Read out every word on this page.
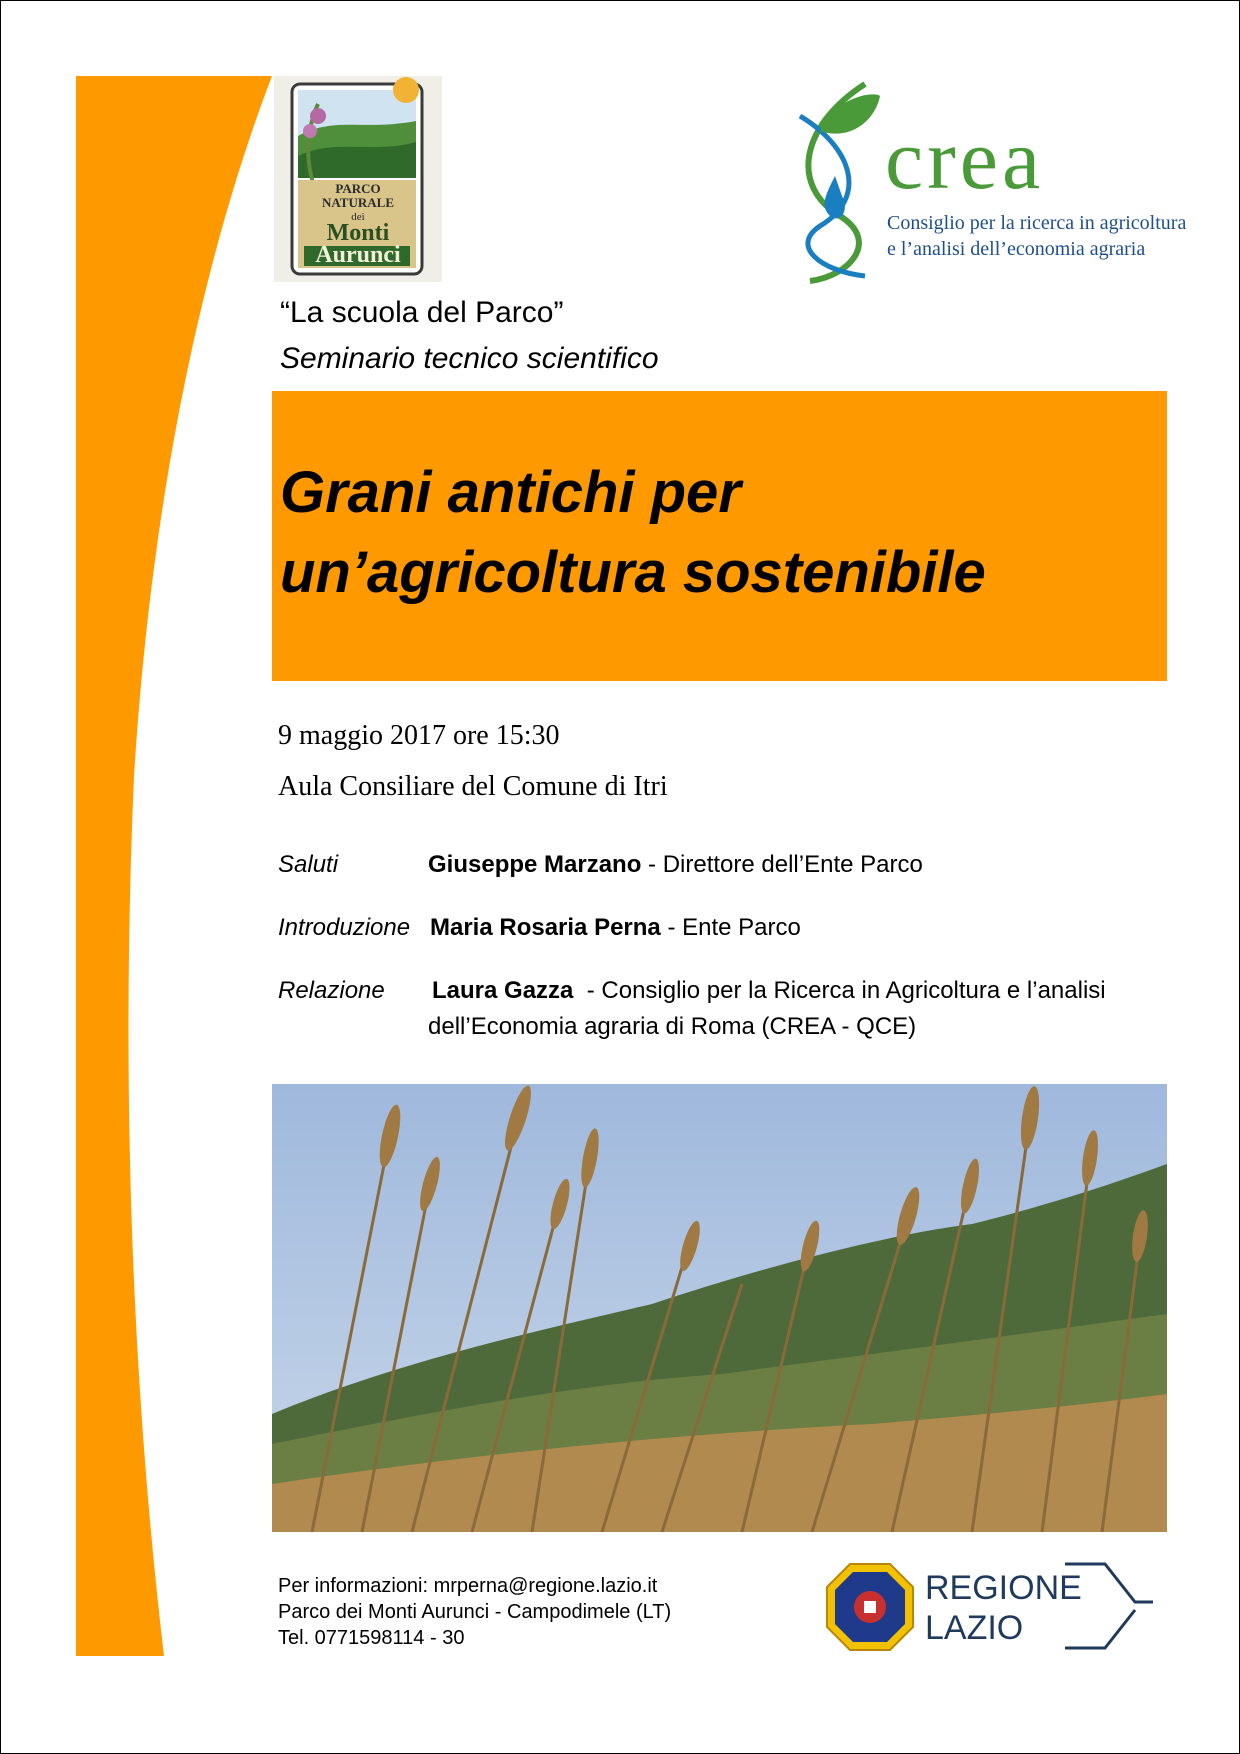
PARCO
NATURALE
dei
Monti
Aurunci
crea
Consiglio per la ricerca in agricoltura
e l’analisi dell’economia agraria
“La scuola del Parco”
Seminario tecnico scientifico
Grani antichi per
un’agricoltura sostenibile
9 maggio 2017 ore 15:30
Aula Consiliare del Comune di Itri
Saluti	Giuseppe Marzano - Direttore dell’Ente Parco
Introduzione Maria Rosaria Perna - Ente Parco
Relazione Laura Gazza  - Consiglio per la Ricerca in Agricoltura e l’analisi
dell’Economia agraria di Roma (CREA - QCE)
Per informazioni: mrperna@regione.lazio.it
Parco dei Monti Aurunci - Campodimele (LT)
Tel. 0771598114 - 30
REGIONE
LAZIO
